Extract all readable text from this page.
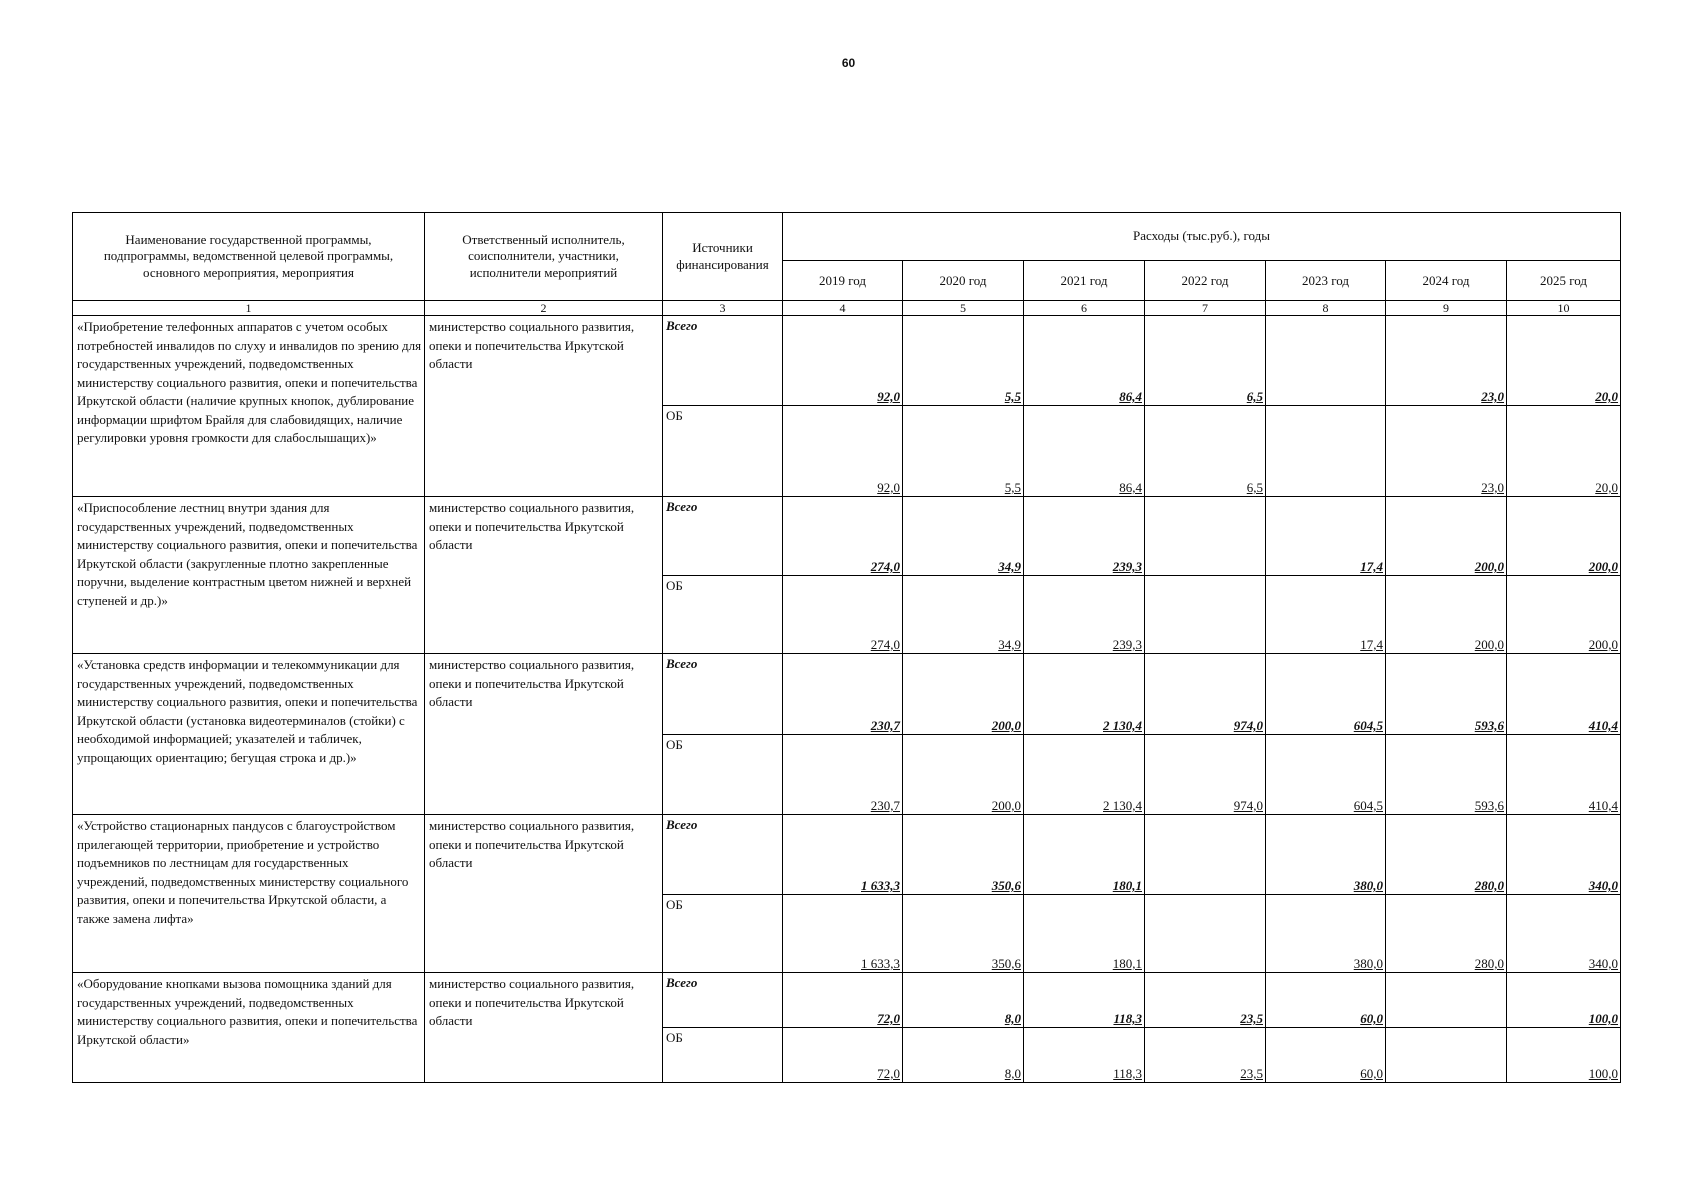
60
Наименование государственной программы, подпрограммы, ведомственной целевой программы, основного мероприятия, мероприятия	Ответственный исполнитель, соисполнители, участники, исполнители мероприятий	Источники финансирования	Расходы (тыс.руб.), годы						
			2019 год	2020 год	2021 год	2022 год	2023 год	2024 год	2025 год
1	2	3	4	5	6	7	8	9	10
«Приобретение телефонных аппаратов с учетом особых потребностей инвалидов по слуху и инвалидов по зрению для государственных учреждений, подведомственных министерству социального развития, опеки и попечительства Иркутской области (наличие крупных кнопок, дублирование информации шрифтом Брайля для слабовидящих, наличие регулировки уровня громкости для слабослышащих)»	министерство социального развития, опеки и попечительства Иркутской области	Всего	92,0	5,5	86,4	6,5		23,0	20,0
		ОБ	92,0	5,5	86,4	6,5		23,0	20,0
«Приспособление лестниц внутри здания для государственных учреждений, подведомственных министерству социального развития, опеки и попечительства Иркутской области (закругленные плотно закрепленные поручни, выделение контрастным цветом нижней и верхней ступеней и др.)»	министерство социального развития, опеки и попечительства Иркутской области	Всего	274,0	34,9	239,3		17,4	200,0	200,0
		ОБ	274,0	34,9	239,3		17,4	200,0	200,0
«Установка средств информации и телекоммуникации для государственных учреждений, подведомственных министерству социального развития, опеки и попечительства Иркутской области (установка видеотерминалов (стойки) с необходимой информацией; указателей и табличек, упрощающих ориентацию; бегущая строка и др.)»	министерство социального развития, опеки и попечительства Иркутской области	Всего	230,7	200,0	2 130,4	974,0	604,5	593,6	410,4
		ОБ	230,7	200,0	2 130,4	974,0	604,5	593,6	410,4
«Устройство стационарных пандусов с благоустройством прилегающей территории, приобретение и устройство подъемников по лестницам для государственных учреждений, подведомственных министерству социального развития, опеки и попечительства Иркутской области, а также замена лифта»	министерство социального развития, опеки и попечительства Иркутской области	Всего	1 633,3	350,6	180,1		380,0	280,0	340,0
		ОБ	1 633,3	350,6	180,1		380,0	280,0	340,0
«Оборудование кнопками вызова помощника зданий для государственных учреждений, подведомственных министерству социального развития, опеки и попечительства Иркутской области»	министерство социального развития, опеки и попечительства Иркутской области	Всего	72,0	8,0	118,3	23,5	60,0		100,0
		ОБ	72,0	8,0	118,3	23,5	60,0		100,0
